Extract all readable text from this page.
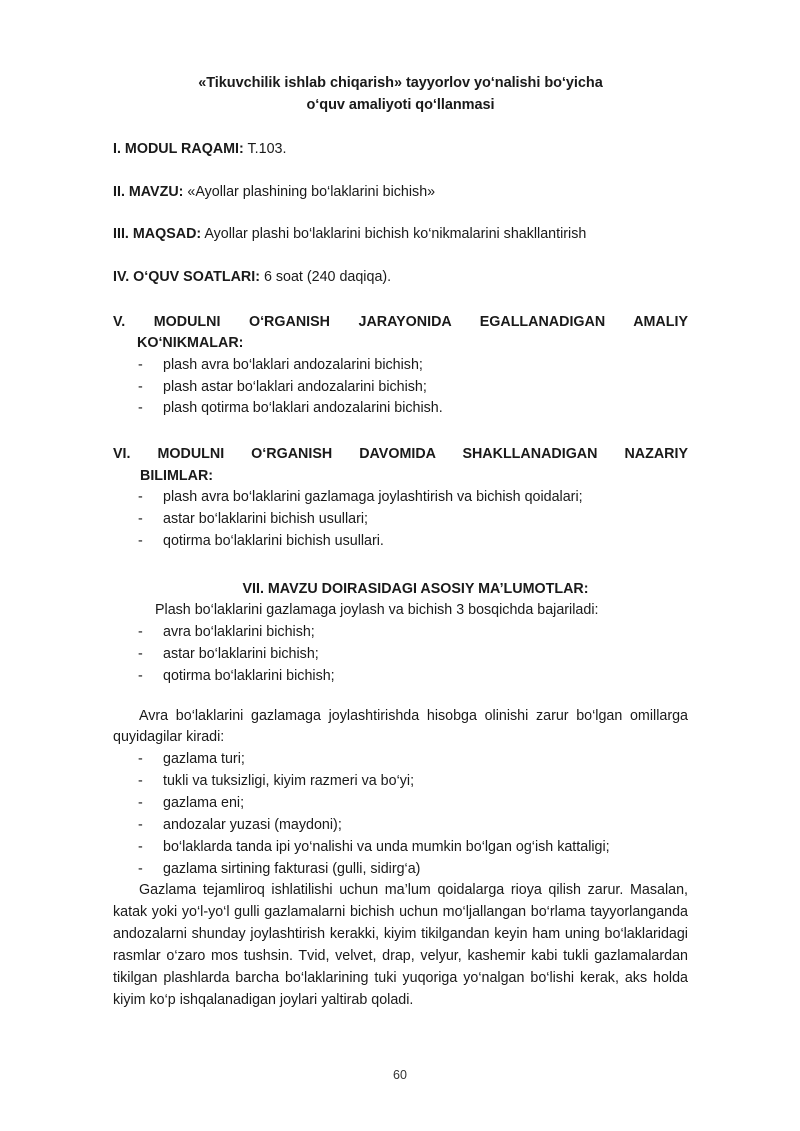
«Tikuvchilik ishlab chiqarish» tayyorlov yo‘nalishi bo‘yicha
o‘quv amaliyoti qo‘llanmasi
I. MODUL RAQAMI: T.103.
II. MAVZU: «Ayollar plashining bo‘laklarini bichish»
III. MAQSAD: Ayollar plashi bo‘laklarini bichish ko‘nikmalarini shakllantirish
IV. O‘QUV SOATLARI: 6 soat (240 daqiqa).
V. MODULNI O‘RGANISH JARAYONIDA EGALLANADIGAN AMALIY
KO‘NIKMALAR:
- plash avra bo‘laklari andozalarini bichish;
- plash astar bo‘laklari andozalarini bichish;
- plash qotirma bo‘laklari andozalarini bichish.
VI. MODULNI O‘RGANISH DAVOMIDA SHAKLLANADIGAN NAZARIY
BILIMLAR:
- plash avra bo‘laklarini gazlamaga joylashtirish va bichish qoidalari;
- astar bo‘laklarini bichish usullari;
- qotirma bo‘laklarini bichish usullari.
VII. MAVZU DOIRASIDAGI ASOSIY MA’LUMOTLAR:
Plash bo‘laklarini gazlamaga joylash va bichish 3 bosqichda bajariladi:
- avra bo‘laklarini bichish;
- astar bo‘laklarini bichish;
- qotirma bo‘laklarini bichish;

Avra bo‘laklarini gazlamaga joylashtirishda hisobga olinishi zarur bo‘lgan omillarga quyidagilar kiradi:

- gazlama turi;
- tukli va tuksizligi, kiyim razmeri va bo‘yi;
- gazlama eni;
- andozalar yuzasi (maydoni);
- bo‘laklarda tanda ipi yo‘nalishi va unda mumkin bo‘lgan og‘ish kattaligi;
- gazlama sirtining fakturasi (gulli, sidirg‘a)

Gazlama tejamliroq ishlatilishi uchun ma’lum qoidalarga rioya qilish zarur. Masalan, katak yoki yo‘l-yo‘l gulli gazlamalarni bichish uchun mo‘ljallangan bo‘rlama tayyorlanganda andozalarni shunday joylashtirish kerakki, kiyim tikilgandan keyin ham uning bo‘laklaridagi rasmlar o‘zaro mos tushsin. Tvid, velvet, drap, velyur, kashemir kabi tukli gazlamalardan tikilgan plashlarda barcha bo‘laklarining tuki yuqoriga yo‘nalgan bo‘lishi kerak, aks holda kiyim ko‘p ishqalanadigan joylari yaltirab qoladi.

60
